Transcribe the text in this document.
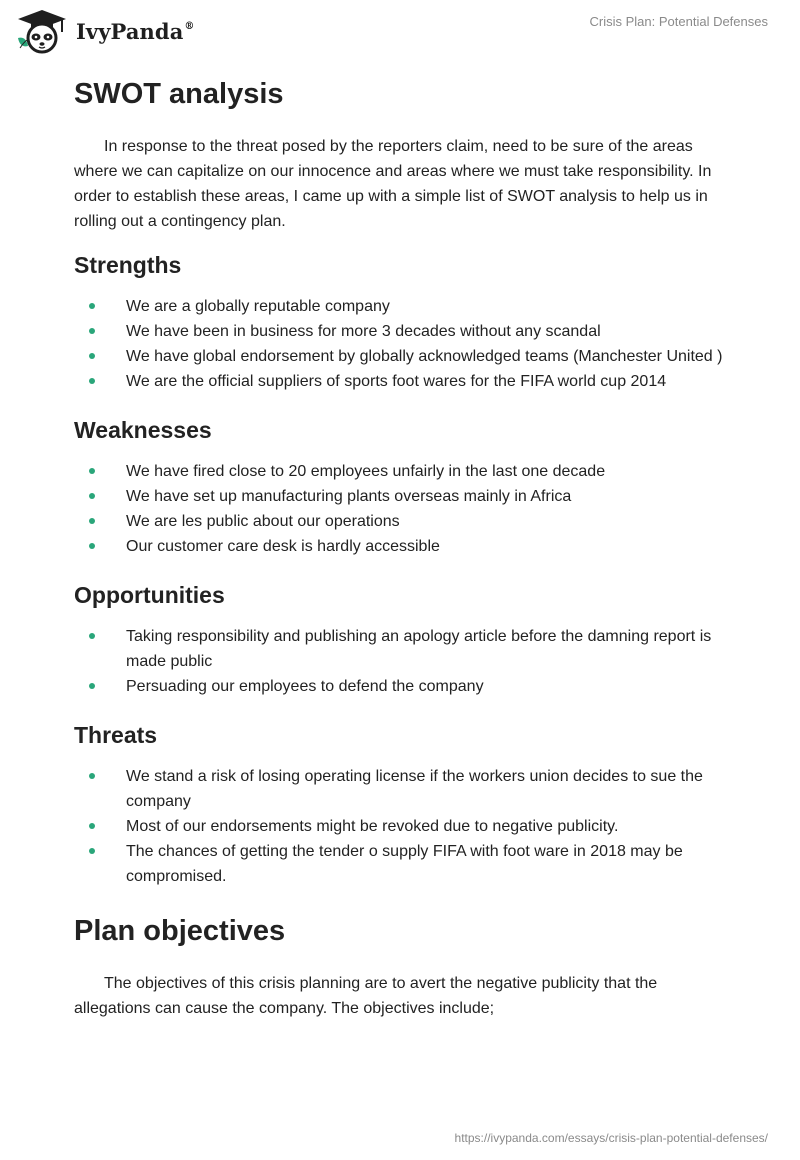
IvyPanda®	Crisis Plan: Potential Defenses
SWOT analysis

In response to the threat posed by the reporters claim, need to be sure of the areas where we can capitalize on our innocence and areas where we must take responsibility. In order to establish these areas, I came up with a simple list of SWOT analysis to help us in rolling out a contingency plan.

Strengths
We are a globally reputable company
We have been in business for more 3 decades without any scandal
We have global endorsement by globally acknowledged teams (Manchester United )
We are the official suppliers of sports foot wares for the FIFA world cup 2014
Weaknesses
We have fired close to 20 employees unfairly in the last one decade
We have set up manufacturing plants overseas mainly in Africa
We are les public about our operations
Our customer care desk is hardly accessible
Opportunities
Taking responsibility and publishing an apology article before the damning report is made public
Persuading our employees to defend the company
Threats
We stand a risk of losing operating license if the workers union decides to sue the company
Most of our endorsements might be revoked due to negative publicity.
The chances of getting the tender o supply FIFA with foot ware in 2018 may be compromised.
Plan objectives

The objectives of this crisis planning are to avert the negative publicity that the allegations can cause the company. The objectives include;

https://ivypanda.com/essays/crisis-plan-potential-defenses/
